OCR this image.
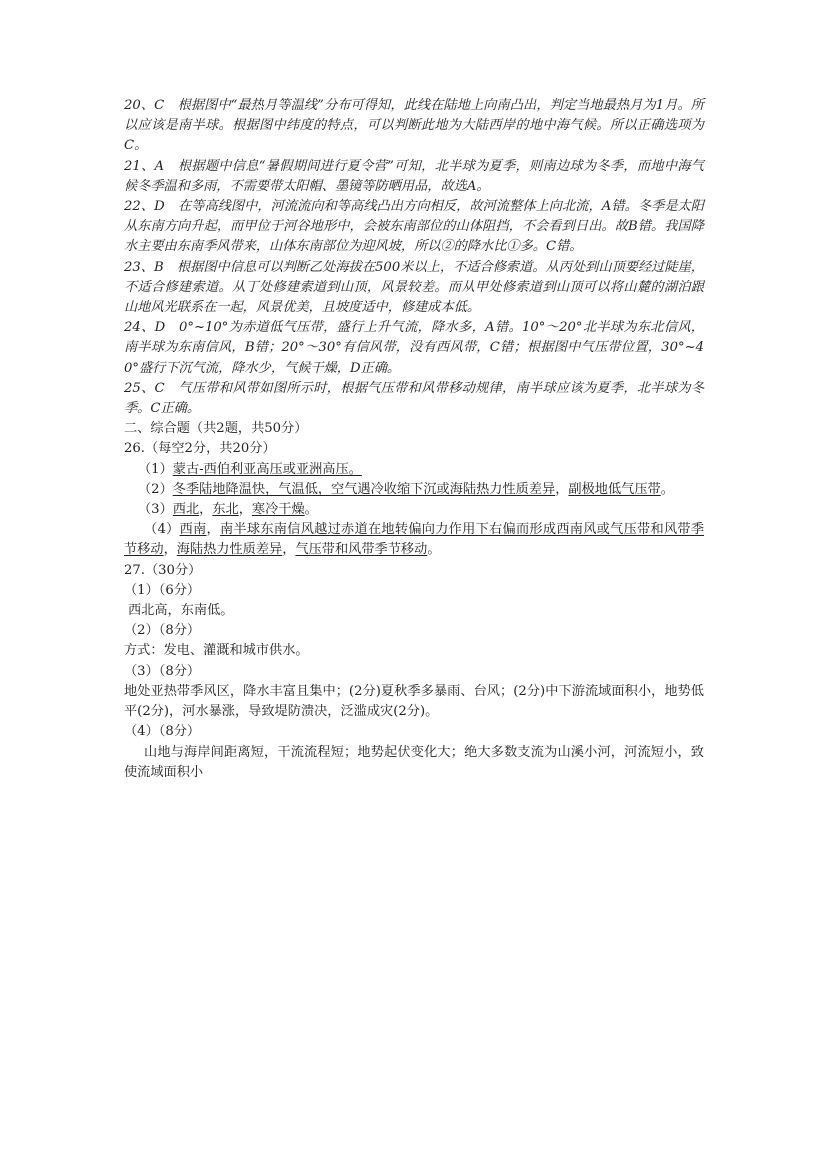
20、C　根据图中“最热月等温线”分布可得知，此线在陆地上向南凸出，判定当地最热月为1月。所以应该是南半球。根据图中纬度的特点，可以判断此地为大陆西岸的地中海气候。所以正确选项为C。

21、A　根据题中信息“暑假期间进行夏令营”可知，北半球为夏季，则南边球为冬季，而地中海气候冬季温和多雨，不需要带太阳帽、墨镜等防晒用品，故选A。

22、D　在等高线图中，河流流向和等高线凸出方向相反，故河流整体上向北流，A错。冬季是太阳从东南方向升起，而甲位于河谷地形中，会被东南部位的山体阻挡，不会看到日出。故B错。我国降水主要由东南季风带来，山体东南部位为迎风坡，所以②的降水比①多。C错。

23、B　根据图中信息可以判断乙处海拔在500米以上，不适合修索道。从丙处到山顶要经过陡崖，不适合修建索道。从丁处修建索道到山顶，风景较差。而从甲处修索道到山顶可以将山麓的湖泊跟山地风光联系在一起，风景优美，且坡度适中，修建成本低。

24、D　0°~10°为赤道低气压带，盛行上升气流，降水多，A错。10°～20°北半球为东北信风，南半球为东南信风，B错；20°～30°有信风带，没有西风带，C错；根据图中气压带位置，30°~40°盛行下沉气流，降水少，气候干燥，D正确。

25、C　气压带和风带如图所示时，根据气压带和风带移动规律，南半球应该为夏季，北半球为冬季。C正确。

二、综合题（共2题，共50分）

26.（每空2分，共20分）

（1）蒙古-西伯利亚高压或亚洲高压。

（2）冬季陆地降温快，气温低，空气遇冷收缩下沉或海陆热力性质差异，副极地低气压带。

（3）西北，东北，寒冷干燥。

（4）西南，南半球东南信风越过赤道在地转偏向力作用下右偏而形成西南风或气压带和风带季节移动，海陆热力性质差异，气压带和风带季节移动。

27.（30分）

（1）（6分）

西北高，东南低。

（2）（8分）

方式：发电、灌溉和城市供水。

（3）（8分）

地处亚热带季风区，降水丰富且集中；(2分)夏秋季多暴雨、台风；(2分)中下游流域面积小，地势低平(2分)，河水暴涨，导致堤防溃决，泛滥成灾(2分)。

（4）（8分）

山地与海岸间距离短，干流流程短；地势起伏变化大；绝大多数支流为山溪小河，河流短小，致使流域面积小
